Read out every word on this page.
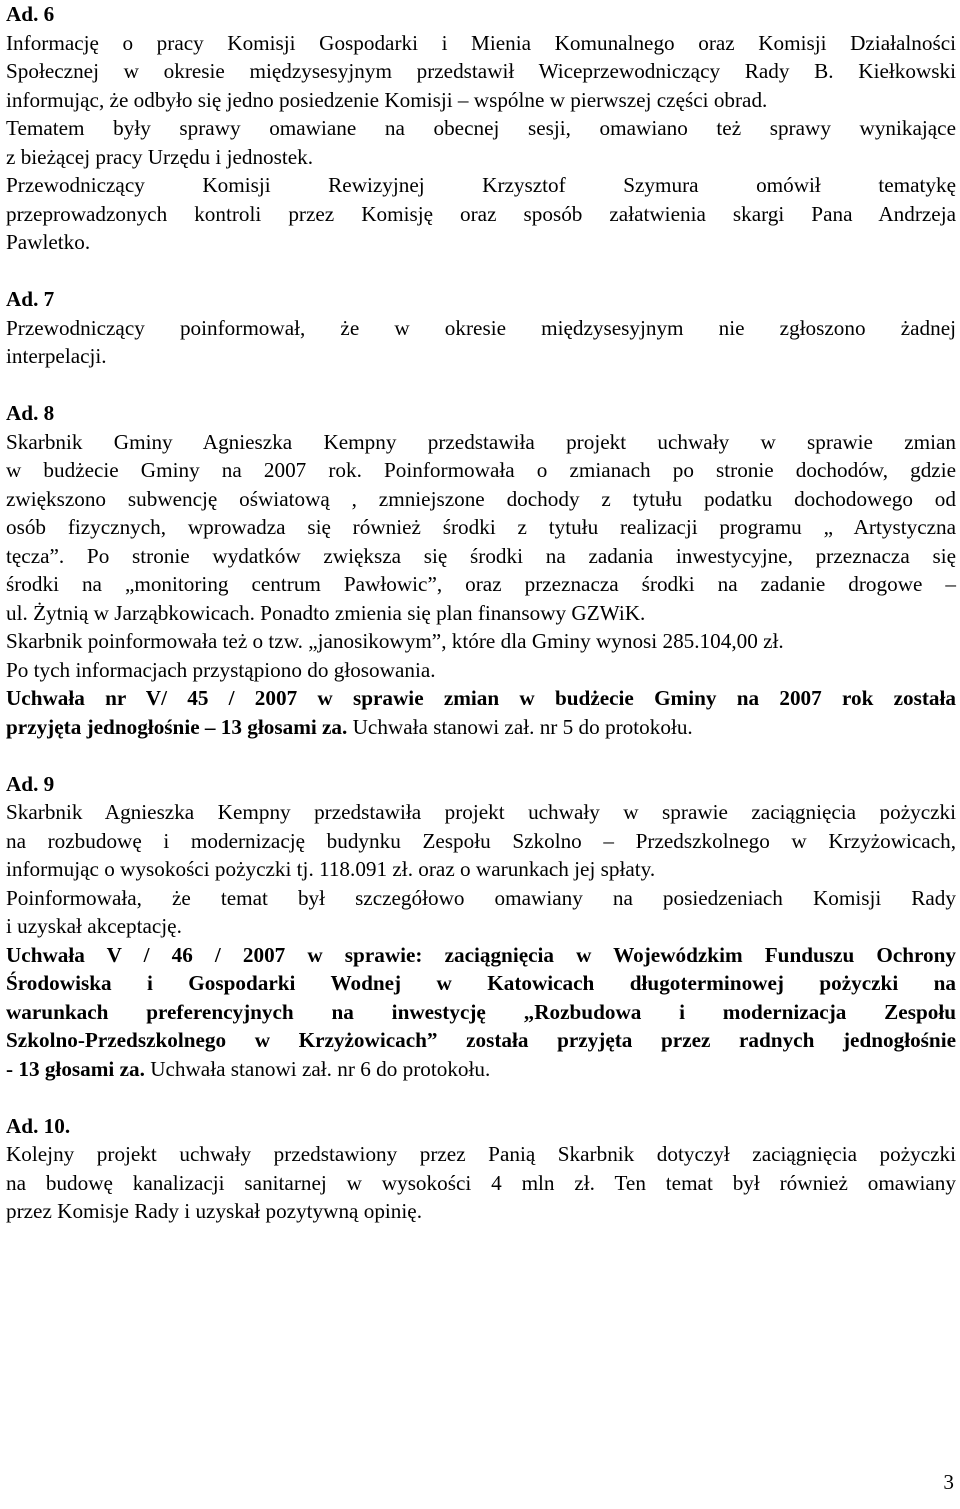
Ad. 6
Informację o pracy Komisji Gospodarki i Mienia Komunalnego oraz Komisji Działalności
Społecznej w okresie międzysesyjnym przedstawił Wiceprzewodniczący Rady B. Kiełkowski
informując, że odbyło się jedno posiedzenie Komisji – wspólne w pierwszej części obrad.
Tematem były sprawy omawiane na obecnej sesji, omawiano też sprawy wynikające
z bieżącej pracy Urzędu i jednostek.
Przewodniczący Komisji Rewizyjnej Krzysztof Szymura omówił tematykę
przeprowadzonych kontroli przez Komisję oraz sposób załatwienia skargi Pana Andrzeja
Pawletko.
Ad. 7
Przewodniczący poinformował, że w okresie międzysesyjnym nie zgłoszono żadnej
interpelacji.
Ad. 8
Skarbnik Gminy Agnieszka Kempny przedstawiła projekt uchwały w sprawie zmian
w budżecie Gminy na 2007 rok. Poinformowała o zmianach po stronie dochodów, gdzie
zwiększono subwencję oświatową , zmniejszone dochody z tytułu podatku dochodowego od
osób fizycznych, wprowadza się również środki z tytułu realizacji programu „ Artystyczna
tęcza”. Po stronie wydatków zwiększa się środki na zadania inwestycyjne, przeznacza się
środki na „monitoring centrum Pawłowic”, oraz przeznacza środki na zadanie drogowe –
ul. Żytnią w Jarząbkowicach. Ponadto zmienia się plan finansowy GZWiK.
Skarbnik poinformowała też o tzw. „janosikowym”, które dla Gminy wynosi 285.104,00 zł.
Po tych informacjach przystąpiono do głosowania.
Uchwała nr V/ 45 / 2007 w sprawie zmian w budżecie Gminy na 2007 rok została
przyjęta jednogłośnie – 13 głosami za. Uchwała stanowi zał. nr 5 do protokołu.
Ad. 9
Skarbnik Agnieszka Kempny przedstawiła projekt uchwały w sprawie zaciągnięcia pożyczki
na rozbudowę i modernizację budynku Zespołu Szkolno – Przedszkolnego w Krzyżowicach,
informując o wysokości pożyczki tj. 118.091 zł. oraz o warunkach jej spłaty.
Poinformowała, że temat był szczegółowo omawiany na posiedzeniach Komisji Rady
i uzyskał akceptację.
Uchwała V / 46 / 2007 w sprawie: zaciągnięcia w Wojewódzkim Funduszu Ochrony
Środowiska i Gospodarki Wodnej w Katowicach długoterminowej pożyczki na
warunkach preferencyjnych na inwestycję „Rozbudowa i modernizacja Zespołu
Szkolno-Przedszkolnego w Krzyżowicach” została przyjęta przez radnych jednogłośnie
- 13 głosami za. Uchwała stanowi zał. nr 6 do protokołu.
Ad. 10.
Kolejny projekt uchwały przedstawiony przez Panią Skarbnik dotyczył zaciągnięcia pożyczki
na budowę kanalizacji sanitarnej w wysokości 4 mln zł. Ten temat był również omawiany
przez Komisje Rady i uzyskał pozytywną opinię.
3
